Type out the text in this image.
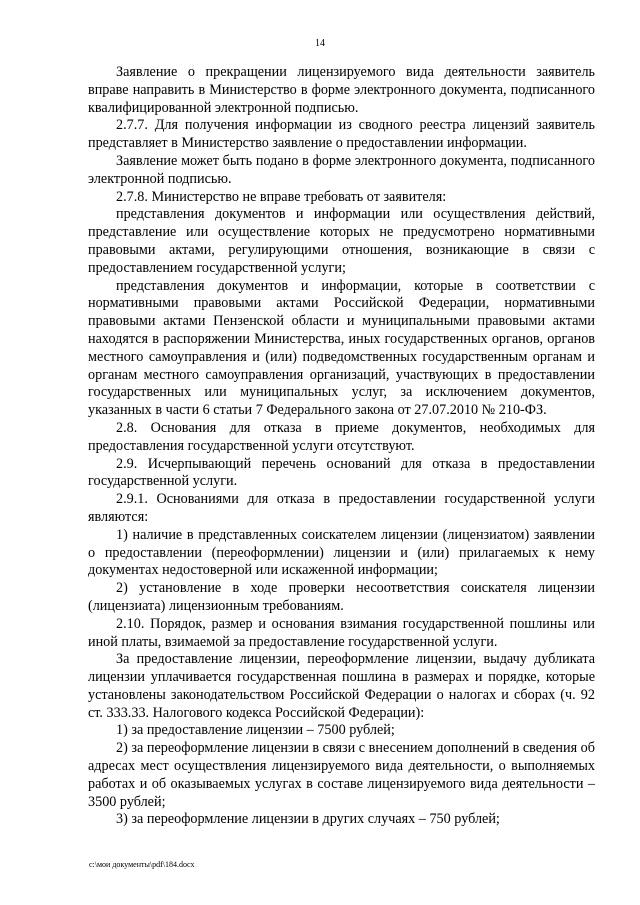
14

Заявление о прекращении лицензируемого вида деятельности заявитель вправе направить в Министерство в форме электронного документа, подписанного квалифицированной электронной подписью.

2.7.7. Для получения информации из сводного реестра лицензий заявитель представляет в Министерство заявление о предоставлении информации.

Заявление может быть подано в форме электронного документа, подписанного электронной подписью.

2.7.8. Министерство не вправе требовать от заявителя:

представления документов и информации или осуществления действий, представление или осуществление которых не предусмотрено нормативными правовыми актами, регулирующими отношения, возникающие в связи с предоставлением государственной услуги;

представления документов и информации, которые в соответствии с нормативными правовыми актами Российской Федерации, нормативными правовыми актами Пензенской области и муниципальными правовыми актами находятся в распоряжении Министерства, иных государственных органов, органов местного самоуправления и (или) подведомственных государственным органам и органам местного самоуправления организаций, участвующих в предоставлении государственных или муниципальных услуг, за исключением документов, указанных в части 6 статьи 7 Федерального закона от 27.07.2010 № 210-ФЗ.

2.8. Основания для отказа в приеме документов, необходимых для предоставления государственной услуги отсутствуют.

2.9. Исчерпывающий перечень оснований для отказа в предоставлении государственной услуги.

2.9.1. Основаниями для отказа в предоставлении государственной услуги являются:

1) наличие в представленных соискателем лицензии (лицензиатом) заявлении о предоставлении (переоформлении) лицензии и (или) прилагаемых к нему документах недостоверной или искаженной информации;

2) установление в ходе проверки несоответствия соискателя лицензии (лицензиата) лицензионным требованиям.

2.10. Порядок, размер и основания взимания государственной пошлины или иной платы, взимаемой за предоставление государственной услуги.

За предоставление лицензии, переоформление лицензии, выдачу дубликата лицензии уплачивается государственная пошлина в размерах и порядке, которые установлены законодательством Российской Федерации о налогах и сборах (ч. 92 ст. 333.33. Налогового кодекса Российской Федерации):

1) за предоставление лицензии – 7500 рублей;

2) за переоформление лицензии в связи с внесением дополнений в сведения об адресах мест осуществления лицензируемого вида деятельности, о выполняемых работах и об оказываемых услугах в составе лицензируемого вида деятельности – 3500 рублей;

3) за переоформление лицензии в других случаях – 750 рублей;

c:\мои документы\pdf\184.docx
